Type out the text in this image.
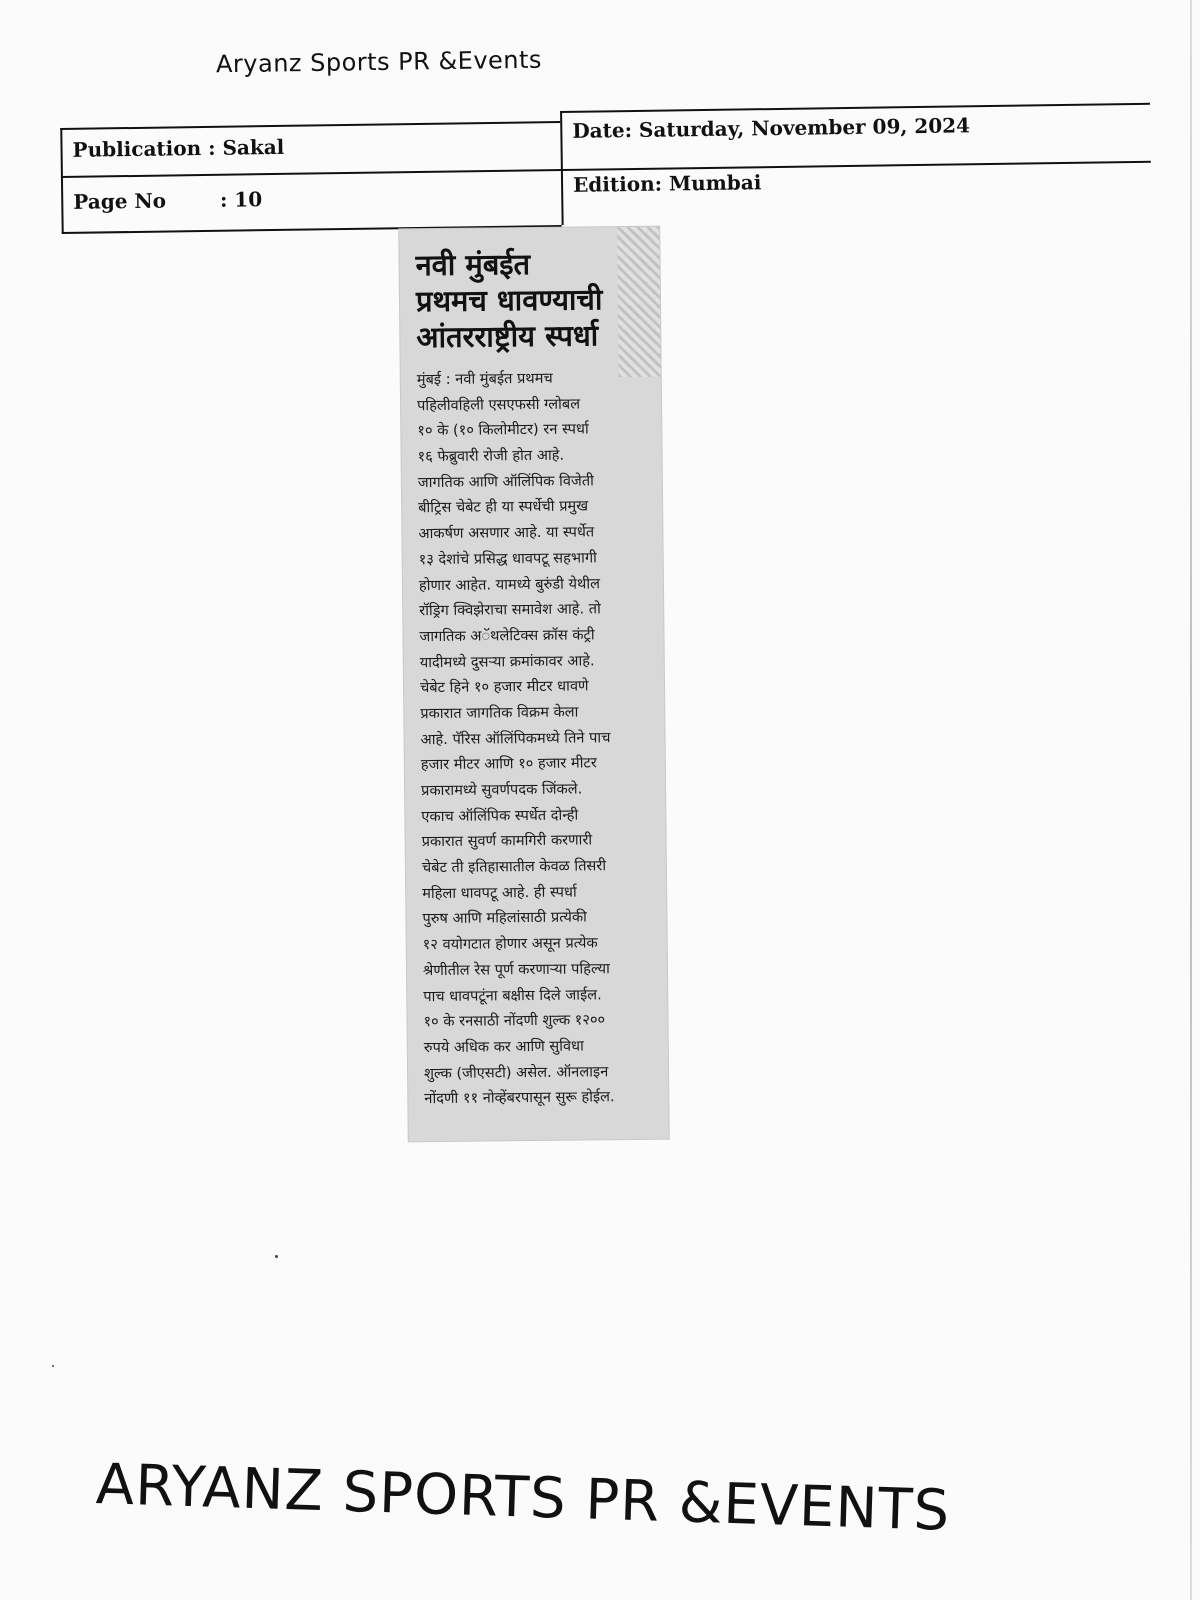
Aryanz Sports PR &Events
Publication : Sakal
Date: Saturday, November 09, 2024
Page No	: 10
Edition: Mumbai
नवी मुंबईत
प्रथमच धावण्याची
आंतरराष्ट्रीय स्पर्धा
मुंबई : नवी मुंबईत प्रथमच
पहिलीवहिली एसएफसी ग्लोबल
१० के (१० किलोमीटर) रन स्पर्धा
१६ फेब्रुवारी रोजी होत आहे.
जागतिक आणि ऑलिंपिक विजेती
बीट्रिस चेबेट ही या स्पर्धेची प्रमुख
आकर्षण असणार आहे. या स्पर्धेत
१३ देशांचे प्रसिद्ध धावपटू सहभागी
होणार आहेत. यामध्ये बुरुंडी येथील
रॉड्रिग क्विझेराचा समावेश आहे. तो
जागतिक अॅथलेटिक्स क्रॉस कंट्री
यादीमध्ये दुसऱ्या क्रमांकावर आहे.
चेबेट हिने १० हजार मीटर धावणे
प्रकारात जागतिक विक्रम केला
आहे. पॅरिस ऑलिंपिकमध्ये तिने पाच
हजार मीटर आणि १० हजार मीटर
प्रकारामध्ये सुवर्णपदक जिंकले.
एकाच ऑलिंपिक स्पर्धेत दोन्ही
प्रकारात सुवर्ण कामगिरी करणारी
चेबेट ती इतिहासातील केवळ तिसरी
महिला धावपटू आहे. ही स्पर्धा
पुरुष आणि महिलांसाठी प्रत्येकी
१२ वयोगटात होणार असून प्रत्येक
श्रेणीतील रेस पूर्ण करणाऱ्या पहिल्या
पाच धावपटूंना बक्षीस दिले जाईल.
१० के रनसाठी नोंदणी शुल्क १२००
रुपये अधिक कर आणि सुविधा
शुल्क (जीएसटी) असेल. ऑनलाइन
नोंदणी ११ नोव्हेंबरपासून सुरू होईल.
ARYANZ SPORTS PR &EVENTS
